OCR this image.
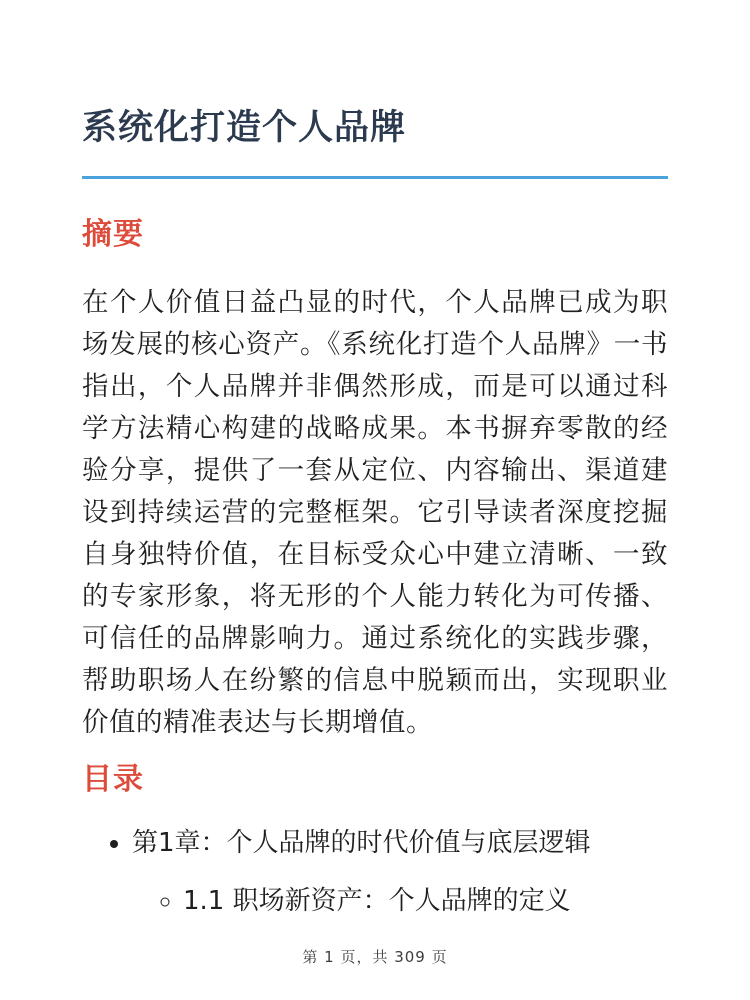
系统化打造个人品牌
摘要

在个人价值日益凸显的时代，个人品牌已成为职场发展的核心资产。《系统化打造个人品牌》一书指出，个人品牌并非偶然形成，而是可以通过科学方法精心构建的战略成果。本书摒弃零散的经验分享，提供了一套从定位、内容输出、渠道建设到持续运营的完整框架。它引导读者深度挖掘自身独特价值，在目标受众心中建立清晰、一致的专家形象，将无形的个人能力转化为可传播、可信任的品牌影响力。通过系统化的实践步骤，帮助职场人在纷繁的信息中脱颖而出，实现职业价值的精准表达与长期增值。

目录
• 第1章：个人品牌的时代价值与底层逻辑
◦ 1.1 职场新资产：个人品牌的定义
第 1 页，共 309 页
